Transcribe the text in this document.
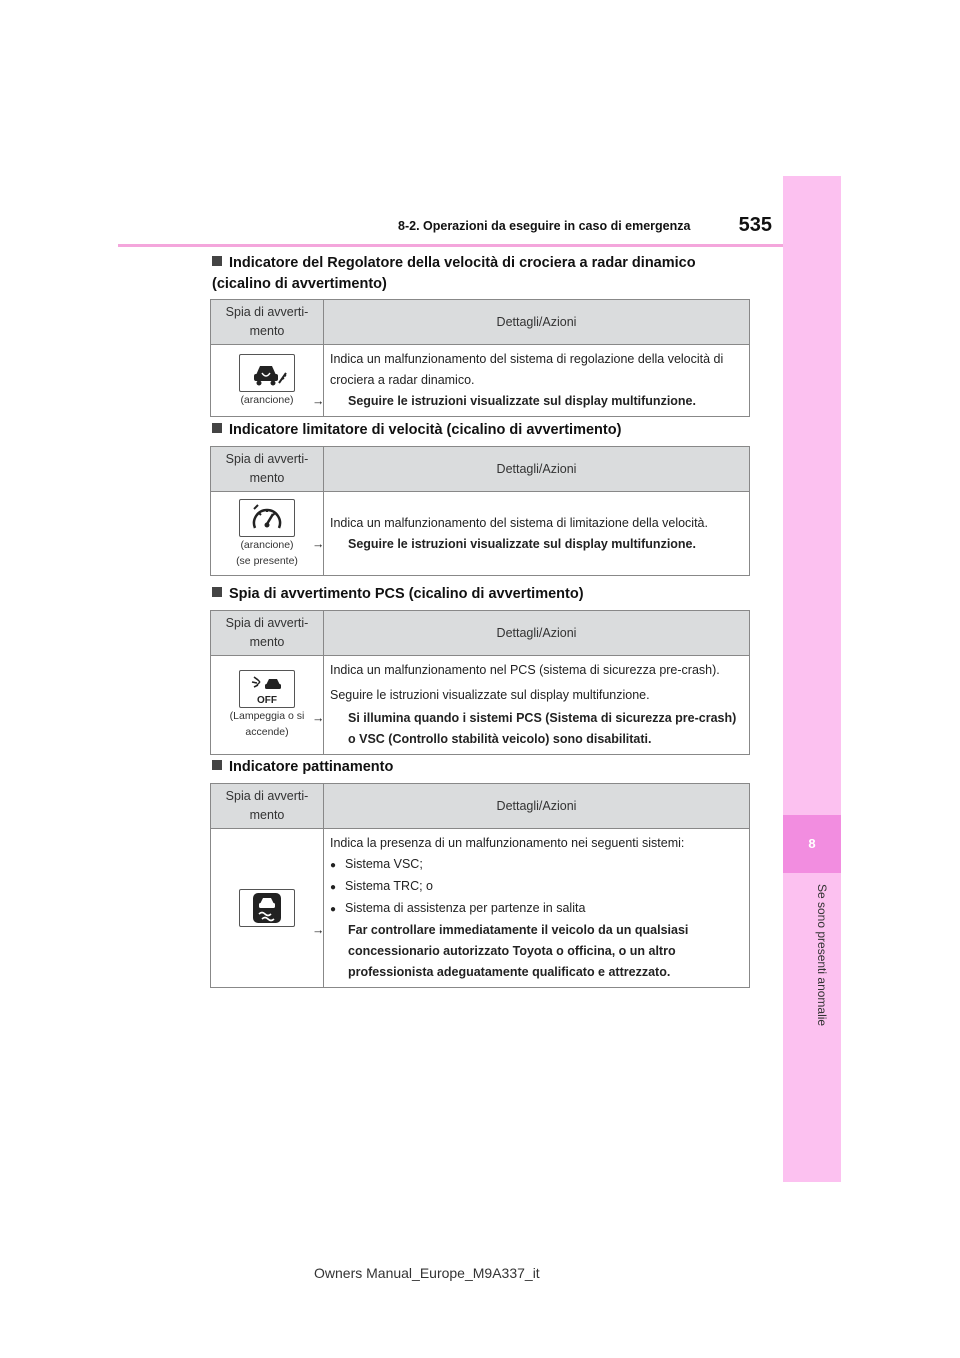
8-2. Operazioni da eseguire in caso di emergenza 535
8
Indicatore del Regolatore della velocità di crociera a radar dinamico (cicalino di avvertimento)
Spia di avverti-mento	Dettagli/Azioni

(arancione)	Indica un malfunzionamento del sistema di regolazione della velocità di crociera a radar dinamico.
→ Seguire le istruzioni visualizzate sul display multifunzione.
Indicatore limitatore di velocità (cicalino di avvertimento)
Spia di avverti-mento	Dettagli/Azioni

(arancione)
(se presente)	Indica un malfunzionamento del sistema di limitazione della velocità.
→ Seguire le istruzioni visualizzate sul display multifunzione.
Spia di avvertimento PCS (cicalino di avvertimento)
Spia di avverti-mento	Dettagli/Azioni

OFF
(Lampeggia o si accende)	Indica un malfunzionamento nel PCS (sistema di sicurezza pre-crash).
Seguire le istruzioni visualizzate sul display multifunzione.
→ Si illumina quando i sistemi PCS (Sistema di sicurezza pre-crash) o VSC (Controllo stabilità veicolo) sono disabilitati.
Indicatore pattinamento
Spia di avverti-mento	Dettagli/Azioni

Indica la presenza di un malfunzionamento nei seguenti sistemi:
● Sistema VSC;
● Sistema TRC; o
● Sistema di assistenza per partenze in salita
→ Far controllare immediatamente il veicolo da un qualsiasi concessionario autorizzato Toyota o officina, o un altro professionista adeguatamente qualificato e attrezzato.
Owners Manual_Europe_M9A337_it
